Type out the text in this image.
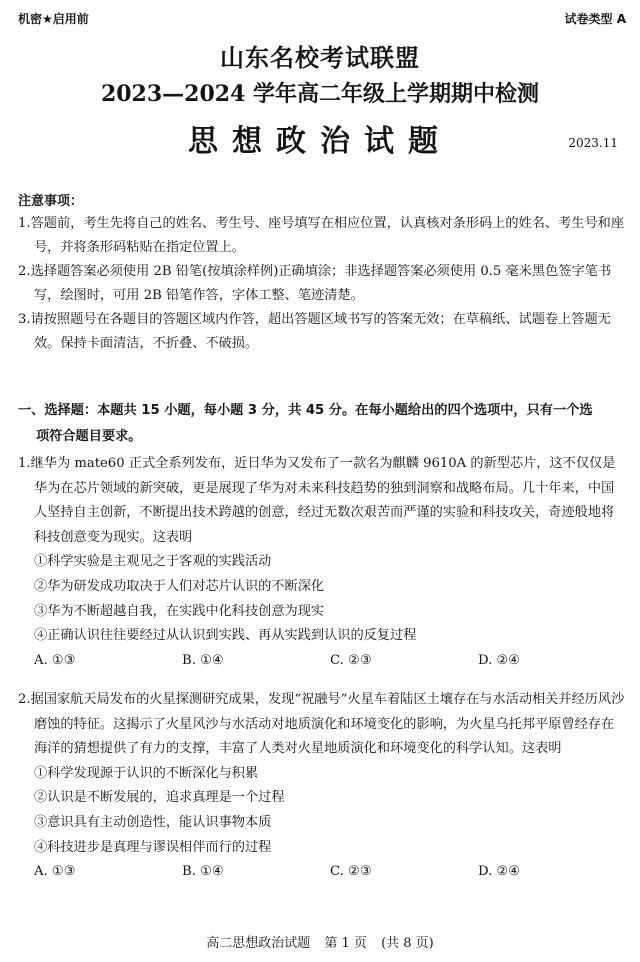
机密★启用前	试卷类型 A
山东名校考试联盟
2023—2024 学年高二年级上学期期中检测
思想政治试题	2023.11
注意事项：
1.答题前，考生先将自己的姓名、考生号、座号填写在相应位置，认真核对条形码上的姓名、考生号和座号，并将条形码粘贴在指定位置上。
2.选择题答案必须使用 2B 铅笔(按填涂样例)正确填涂；非选择题答案必须使用 0.5 毫米黑色签字笔书写，绘图时，可用 2B 铅笔作答，字体工整、笔迹清楚。
3.请按照题号在各题目的答题区域内作答，超出答题区域书写的答案无效；在草稿纸、试题卷上答题无效。保持卡面清洁，不折叠、不破损。
一、选择题：本题共 15 小题，每小题 3 分，共 45 分。在每小题给出的四个选项中，只有一个选
项符合题目要求。
1.继华为 mate60 正式全系列发布，近日华为又发布了一款名为麒麟 9610A 的新型芯片，这不仅仅是华为在芯片领域的新突破，更是展现了华为对未来科技趋势的独到洞察和战略布局。几十年来，中国人坚持自主创新，不断提出技术跨越的创意，经过无数次艰苦而严谨的实验和科技攻关，奇迹般地将科技创意变为现实。这表明
①科学实验是主观见之于客观的实践活动
②华为研发成功取决于人们对芯片认识的不断深化
③华为不断超越自我，在实践中化科技创意为现实
④正确认识往往要经过从认识到实践、再从实践到认识的反复过程
A. ①③	B. ①④	C. ②③	D. ②④
2.据国家航天局发布的火星探测研究成果，发现“祝融号”火星车着陆区土壤存在与水活动相关并经历风沙磨蚀的特征。这揭示了火星风沙与水活动对地质演化和环境变化的影响，为火星乌托邦平原曾经存在海洋的猜想提供了有力的支撑，丰富了人类对火星地质演化和环境变化的科学认知。这表明
①科学发现源于认识的不断深化与积累
②认识是不断发展的，追求真理是一个过程
③意识具有主动创造性，能认识事物本质
④科技进步是真理与谬误相伴而行的过程
A. ①③	B. ①④	C. ②③	D. ②④
高二思想政治试题 第 1 页 (共 8 页)
